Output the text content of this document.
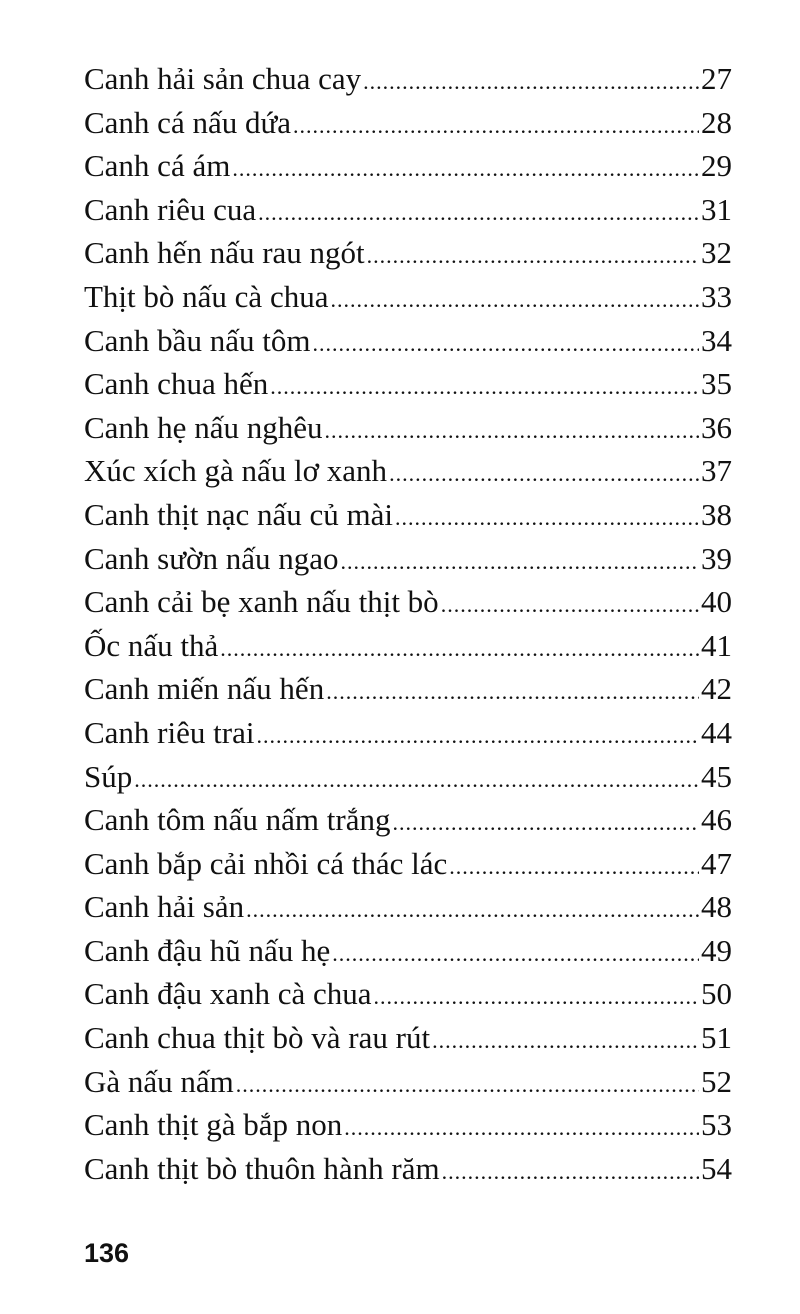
Canh hải sản chua cay .....	27
Canh cá nấu dứa .....	28
Canh cá ám .....	29
Canh riêu cua .....	31
Canh hến nấu rau ngót .....	32
Thịt bò nấu cà chua .....	33
Canh bầu nấu tôm .....	34
Canh chua hến .....	35
Canh hẹ nấu nghêu .....	36
Xúc xích gà nấu lơ xanh .....	37
Canh thịt nạc nấu củ mài .....	38
Canh sườn nấu ngao .....	39
Canh cải bẹ xanh nấu thịt bò .....	40
Ốc nấu thả .....	41
Canh miến nấu hến .....	42
Canh riêu trai .....	44
Súp .....	45
Canh tôm nấu nấm trắng .....	46
Canh bắp cải nhồi cá thác lác .....	47
Canh hải sản .....	48
Canh đậu hũ nấu hẹ .....	49
Canh đậu xanh cà chua .....	50
Canh chua thịt bò và rau rút .....	51
Gà nấu nấm .....	52
Canh thịt gà bắp non .....	53
Canh thịt bò thuôn hành răm .....	54
136
